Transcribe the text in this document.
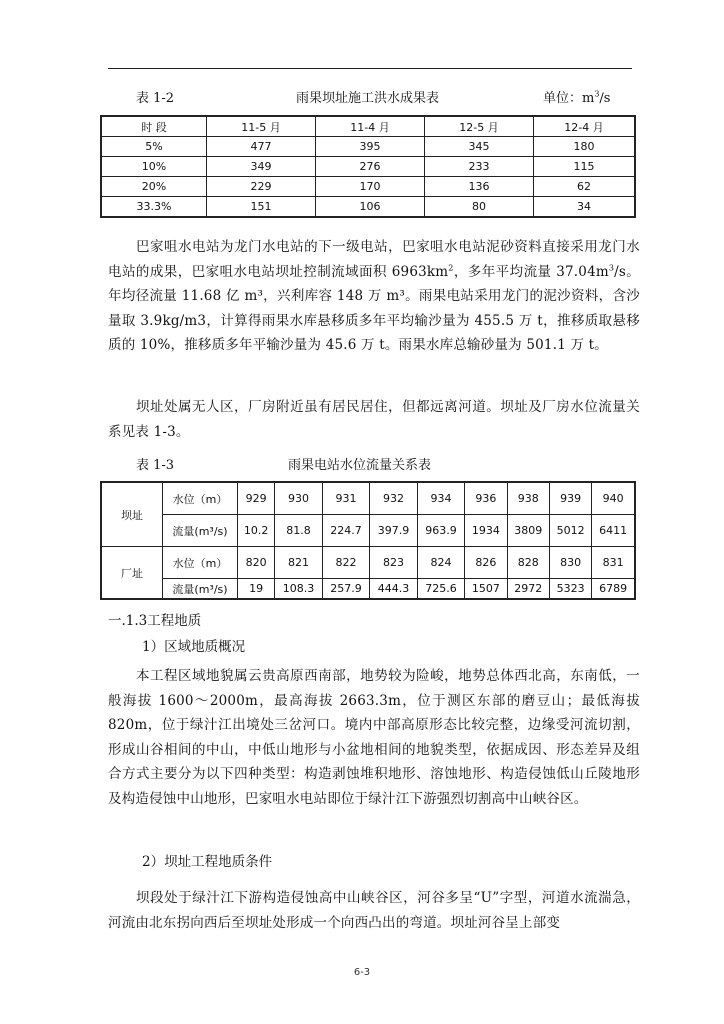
表 1-2	雨果坝址施工洪水成果表	单位：$m^3/s$
时 段	11-5 月	11-4 月	12-5 月	12-4 月
5%	477	395	345	180
10%	349	276	233	115
20%	229	170	136	62
33.3%	151	106	80	34
巴家咀水电站为龙门水电站的下一级电站，巴家咀水电站泥砂资料直接采用龙门水电站的成果，巴家咀水电站坝址控制流域面积 $6963km^2$，多年平均流量 $37.04m^3/s$。年均径流量 11.68 亿 m³，兴利库容 148 万 m³。雨果电站采用龙门的泥沙资料，含沙量取 3.9kg/m3，计算得雨果水库悬移质多年平均输沙量为 455.5 万 t，推移质取悬移质的 10%，推移质多年平输沙量为 45.6 万 t。雨果水库总输砂量为 501.1 万 t。
坝址处属无人区，厂房附近虽有居民居住，但都远离河道。坝址及厂房水位流量关系见表 1-3。
表 1-3	雨果电站水位流量关系表
坝址	水位（m）	929	930	931	932	934	936	938	939	940
	流量(m³/s)	10.2	81.8	224.7	397.9	963.9	1934	3809	5012	6411
厂址	水位（m）	820	821	822	823	824	826	828	830	831
	流量(m³/s)	19	108.3	257.9	444.3	725.6	1507	2972	5323	6789
一.1.3工程地质
1）区域地质概况
本工程区域地貌属云贵高原西南部，地势较为险峻，地势总体西北高，东南低，一般海拔 1600～2000m，最高海拔 2663.3m，位于测区东部的磨豆山；最低海拔 820m，位于绿汁江出境处三岔河口。境内中部高原形态比较完整，边缘受河流切割，形成山谷相间的中山，中低山地形与小盆地相间的地貌类型，依据成因、形态差异及组合方式主要分为以下四种类型：构造剥蚀堆积地形、溶蚀地形、构造侵蚀低山丘陵地形及构造侵蚀中山地形，巴家咀水电站即位于绿汁江下游强烈切割高中山峡谷区。
2）坝址工程地质条件
坝段处于绿汁江下游构造侵蚀高中山峡谷区，河谷多呈“U”字型，河道水流湍急，河流由北东拐向西后至坝址处形成一个向西凸出的弯道。坝址河谷呈上部变
6-3
